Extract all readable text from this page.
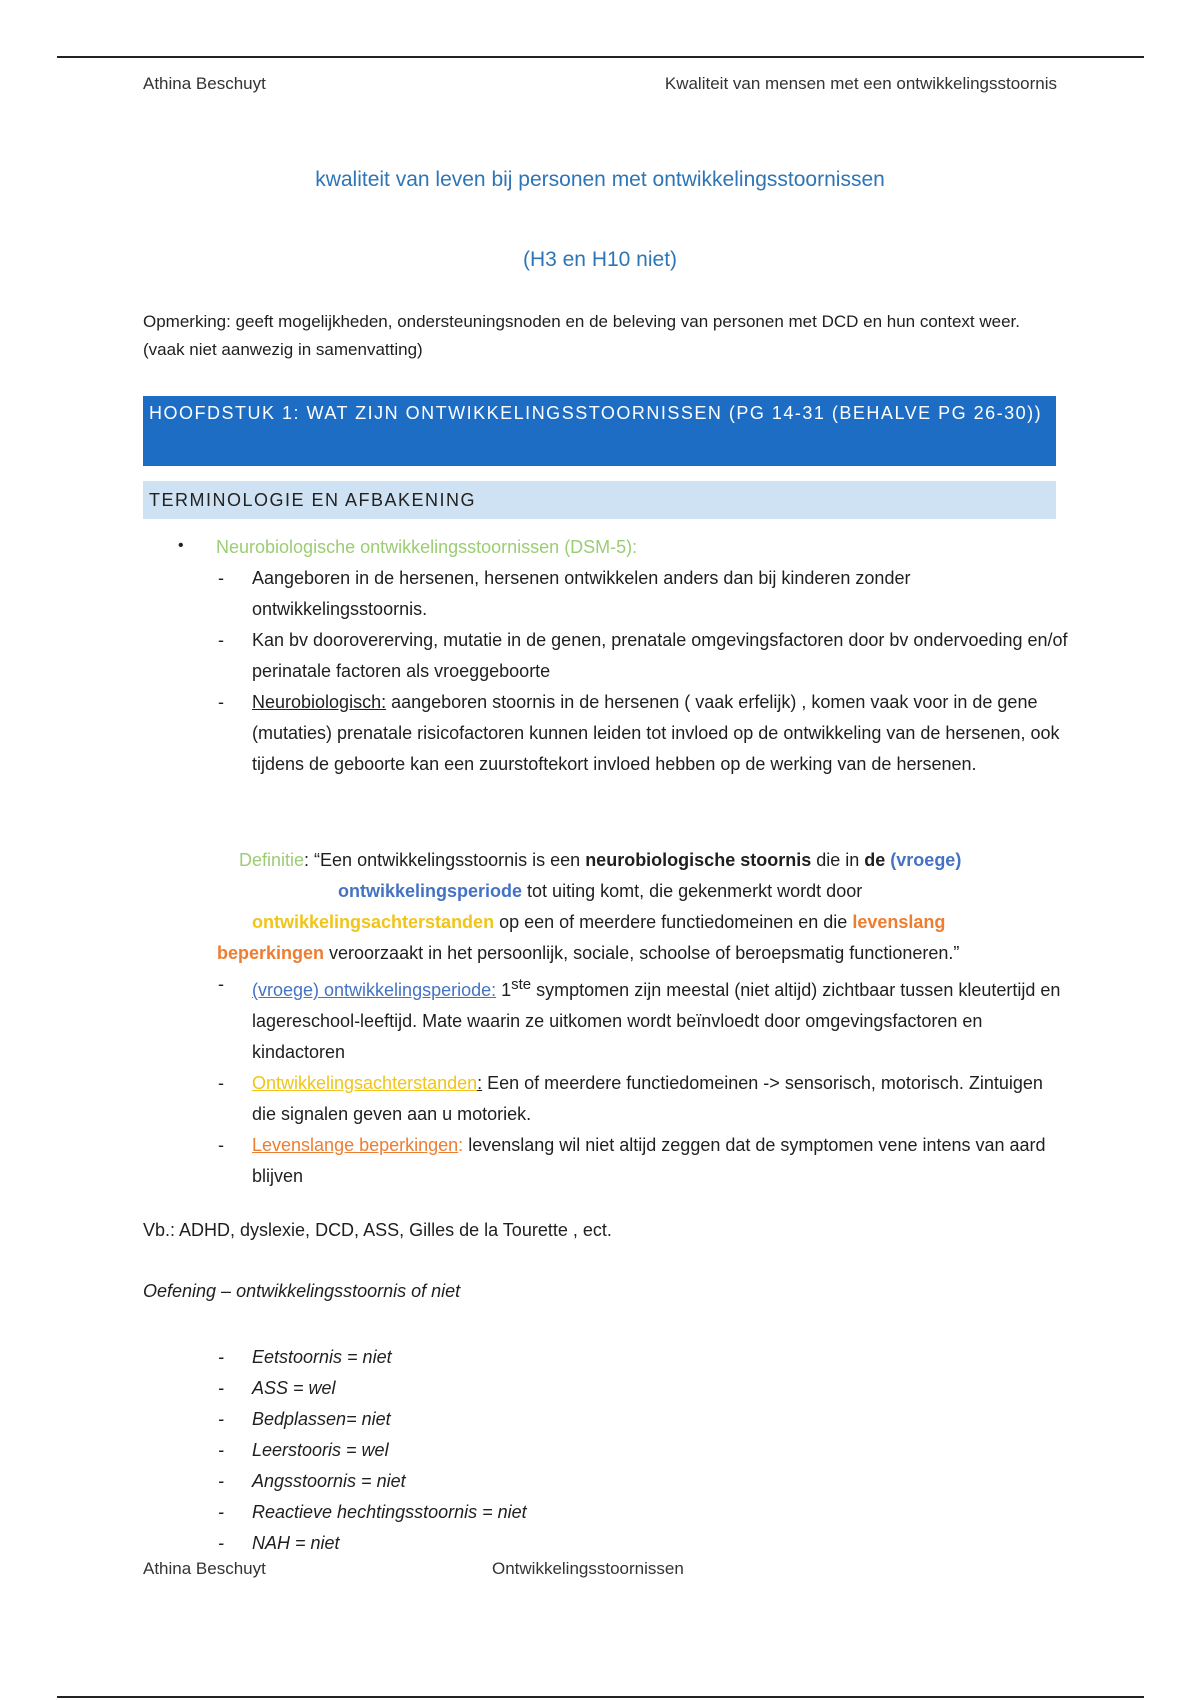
Athina Beschuyt	Kwaliteit van mensen met een ontwikkelingsstoornis
kwaliteit van leven bij personen met ontwikkelingsstoornissen
(H3 en H10 niet)
Opmerking: geeft mogelijkheden, ondersteuningsnoden en de beleving van personen met DCD en hun context weer. (vaak niet aanwezig in samenvatting)
HOOFDSTUK 1: WAT ZIJN ONTWIKKELINGSSTOORNISSEN (PG 14-31 (BEHALVE PG 26-30))
TERMINOLOGIE EN AFBAKENING
• Neurobiologische ontwikkelingsstoornissen (DSM-5):
- Aangeboren in de hersenen, hersenen ontwikkelen anders dan bij kinderen zonder ontwikkelingsstoornis.
- Kan bv doorovererving, mutatie in de genen, prenatale omgevingsfactoren door bv ondervoeding en/of perinatale factoren als vroeggeboorte
- Neurobiologisch: aangeboren stoornis in de hersenen ( vaak erfelijk) , komen vaak voor in de gene (mutaties) prenatale risicofactoren kunnen leiden tot invloed op de ontwikkeling van de hersenen, ook tijdens de geboorte kan een zuurstoftekort invloed hebben op de werking van de hersenen.
Definitie: “Een ontwikkelingsstoornis is een neurobiologische stoornis die in de (vroege)
ontwikkelingsperiode tot uiting komt, die gekenmerkt wordt door
ontwikkelingsachterstanden op een of meerdere functiedomeinen en die levenslang
beperkingen veroorzaakt in het persoonlijk, sociale, schoolse of beroepsmatig functioneren.”
- (vroege) ontwikkelingsperiode: 1ste symptomen zijn meestal (niet altijd) zichtbaar tussen kleutertijd en lagereschool-leeftijd. Mate waarin ze uitkomen wordt beïnvloedt door omgevingsfactoren en kindactoren
- Ontwikkelingsachterstanden: Een of meerdere functiedomeinen -> sensorisch, motorisch. Zintuigen die signalen geven aan u motoriek.
- Levenslange beperkingen: levenslang wil niet altijd zeggen dat de symptomen vene intens van aard blijven
Vb.: ADHD, dyslexie, DCD, ASS, Gilles de la Tourette , ect.
Oefening – ontwikkelingsstoornis of niet
- Eetstoornis = niet
- ASS = wel
- Bedplassen= niet
- Leerstooris = wel
- Angsstoornis = niet
- Reactieve hechtingsstoornis = niet
- NAH = niet
Athina Beschuyt	Ontwikkelingsstoornissen
